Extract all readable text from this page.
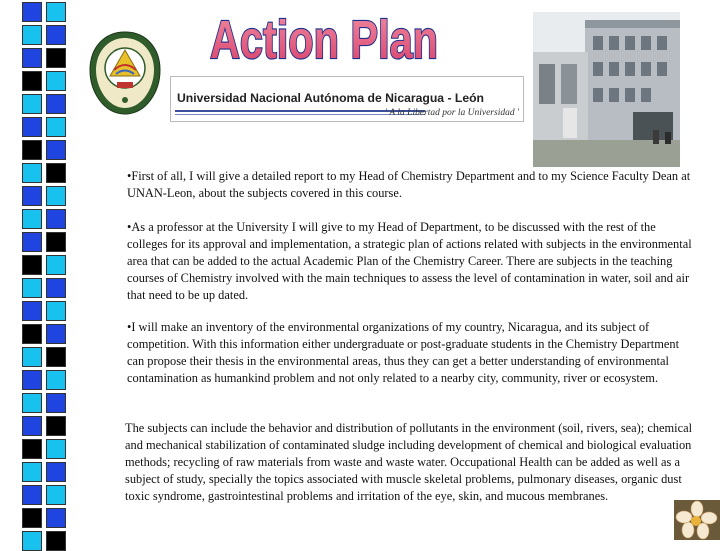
Action Plan
Universidad Nacional Autónoma de Nicaragua - León
' A la Libertad por la Universidad '

•First of all, I will give a detailed report to my Head of Chemistry Department and to my Science Faculty Dean at UNAN-Leon, about the subjects covered in this course.

•As a professor at the University I will give to my Head of Department, to be discussed with the rest of the colleges for its approval and implementation, a strategic plan of actions related with subjects in the environmental area that can be added to the actual Academic Plan of the Chemistry Career. There are subjects in the teaching courses of Chemistry involved with the main techniques to assess the level of contamination in water, soil and air that need to be up dated.

•I will make an inventory of the environmental organizations of my country, Nicaragua, and its subject of competition. With this information either undergraduate or post-graduate students in the Chemistry Department can propose their thesis in the environmental areas, thus they can get a better understanding of environmental contamination as humankind problem and not only related to a nearby city, community, river or ecosystem.

The subjects can include the behavior and distribution of pollutants in the environment (soil, rivers, sea); chemical and mechanical stabilization of contaminated sludge including development of chemical and biological evaluation methods; recycling of raw materials from waste and waste water. Occupational Health can be added as well as a subject of study, specially the topics associated with muscle skeletal problems, pulmonary diseases, organic dust toxic syndrome, gastrointestinal problems and irritation of the eye, skin, and mucous membranes.
